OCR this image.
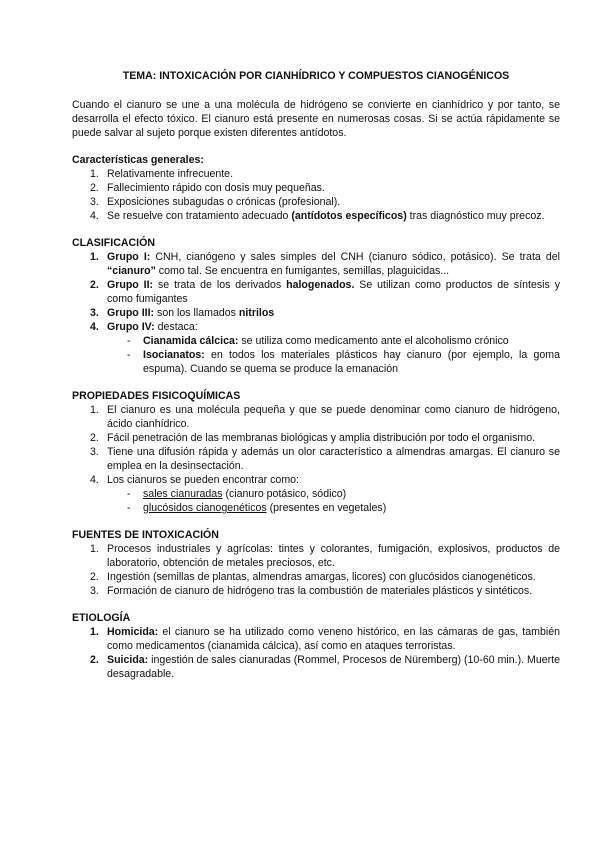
TEMA: INTOXICACIÓN POR CIANHÍDRICO Y COMPUESTOS CIANOGÉNICOS

Cuando el cianuro se une a una molécula de hidrógeno se convierte en cianhídrico y por tanto, se desarrolla el efecto tóxico. El cianuro está presente en numerosas cosas. Si se actúa rápidamente se puede salvar al sujeto porque existen diferentes antídotos.

Características generales:
1. Relativamente infrecuente.
2. Fallecimiento rápido con dosis muy pequeñas.
3. Exposiciones subagudas o crónicas (profesional).
4. Se resuelve con tratamiento adecuado (antídotos específicos) tras diagnóstico muy precoz.
CLASIFICACIÓN
1. Grupo I: CNH, cianógeno y sales simples del CNH (cianuro sódico, potásico). Se trata del “cianuro” como tal. Se encuentra en fumigantes, semillas, plaguicidas...
2. Grupo II: se trata de los derivados halogenados. Se utilizan como productos de síntesis y como fumigantes
3. Grupo III: son los llamados nitrilos
4. Grupo IV: destaca:
- Cianamida cálcica: se utiliza como medicamento ante el alcoholismo crónico
- Isocianatos: en todos los materiales plásticos hay cianuro (por ejemplo, la goma espuma). Cuando se quema se produce la emanación
PROPIEDADES FISICOQUÍMICAS
1. El cianuro es una molécula pequeña y que se puede denominar como cianuro de hidrógeno, ácido cianhídrico.
2. Fácil penetración de las membranas biológicas y amplia distribución por todo el organismo.
3. Tiene una difusión rápida y además un olor característico a almendras amargas. El cianuro se emplea en la desinsectación.
4. Los cianuros se pueden encontrar como:
- sales cianuradas (cianuro potásico, sódico)
- glucósidos cianogenéticos (presentes en vegetales)
FUENTES DE INTOXICACIÓN
1. Procesos industriales y agrícolas: tintes y colorantes, fumigación, explosivos, productos de laboratorio, obtención de metales preciosos, etc.
2. Ingestión (semillas de plantas, almendras amargas, licores) con glucósidos cianogenéticos.
3. Formación de cianuro de hidrógeno tras la combustión de materiales plásticos y sintéticos.
ETIOLOGÍA
1. Homicida: el cianuro se ha utilizado como veneno histórico, en las cámaras de gas, también como medicamentos (cianamida cálcica), así como en ataques terroristas.
2. Suicida: ingestión de sales cianuradas (Rommel, Procesos de Nüremberg) (10-60 min.). Muerte desagradable.
